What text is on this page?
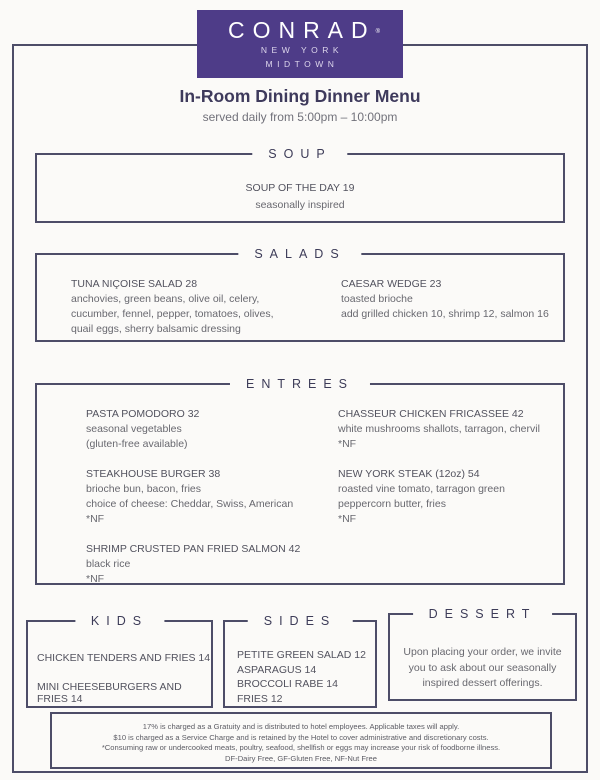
CONRAD®
NEW YORK
MIDTOWN
In-Room Dining Dinner Menu
served daily from 5:00pm – 10:00pm
SOUP
SOUP OF THE DAY 19
seasonally inspired
SALADS
TUNA NIÇOISE SALAD 28
anchovies, green beans, olive oil, celery,
cucumber, fennel, pepper, tomatoes, olives,
quail eggs, sherry balsamic dressing
CAESAR WEDGE 23
toasted brioche
add grilled chicken 10, shrimp 12, salmon 16
ENTREES
PASTA POMODORO 32
seasonal vegetables
(gluten-free available)
STEAKHOUSE BURGER 38
brioche bun, bacon, fries
choice of cheese: Cheddar, Swiss, American
*NF
SHRIMP CRUSTED PAN FRIED SALMON 42
black rice
*NF
CHASSEUR CHICKEN FRICASSEE 42
white mushrooms shallots, tarragon, chervil
*NF
NEW YORK STEAK (12oz) 54
roasted vine tomato, tarragon green
peppercorn butter, fries
*NF
KIDS
CHICKEN TENDERS AND FRIES 14
MINI CHEESEBURGERS AND FRIES 14
SIDES
PETITE GREEN SALAD 12
ASPARAGUS 14
BROCCOLI RABE 14
FRIES 12
DESSERT
Upon placing your order, we invite you to ask about our seasonally inspired dessert offerings.
17% is charged as a Gratuity and is distributed to hotel employees. Applicable taxes will apply.
$10 is charged as a Service Charge and is retained by the Hotel to cover administrative and discretionary costs.
*Consuming raw or undercooked meats, poultry, seafood, shellfish or eggs may increase your risk of foodborne illness.
DF-Dairy Free, GF-Gluten Free, NF-Nut Free
